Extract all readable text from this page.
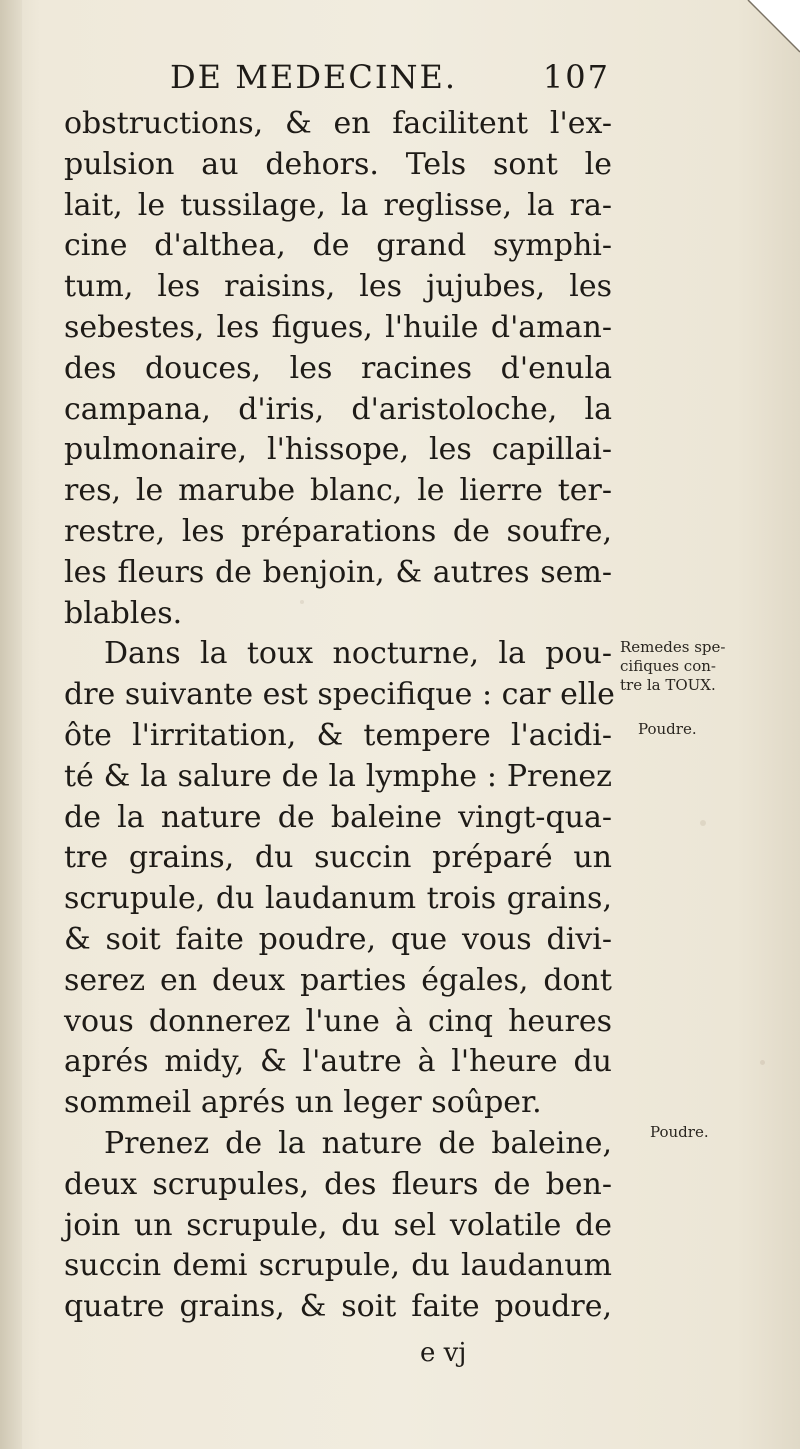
DE MEDECINE.	107
obstructions, & en facilitent l'ex-
pulsion au dehors. Tels sont le
lait, le tussilage, la reglisse, la ra-
cine d'althea, de grand symphi-
tum, les raisins, les jujubes, les
sebestes, les figues, l'huile d'aman-
des douces, les racines d'enula
campana, d'iris, d'aristoloche, la
pulmonaire, l'hissope, les capillai-
res, le marube blanc, le lierre ter-
restre, les préparations de soufre,
les fleurs de benjoin, & autres sem-
blables.
Dans la toux nocturne, la pou-
dre suivante est specifique : car elle
ôte l'irritation, & tempere l'acidi-
té & la salure de la lymphe : Prenez
de la nature de baleine vingt-qua-
tre grains, du succin préparé un
scrupule, du laudanum trois grains,
& soit faite poudre, que vous divi-
serez en deux parties égales, dont
vous donnerez l'une à cinq heures
aprés midy, & l'autre à l'heure du
sommeil aprés un leger soûper.
Prenez de la nature de baleine,
deux scrupules, des fleurs de ben-
join un scrupule, du sel volatile de
succin demi scrupule, du laudanum
quatre grains, & soit faite poudre,
Remedes spe-
cifiques con-
tre la TOUX.
Poudre.
Poudre.
e vj
